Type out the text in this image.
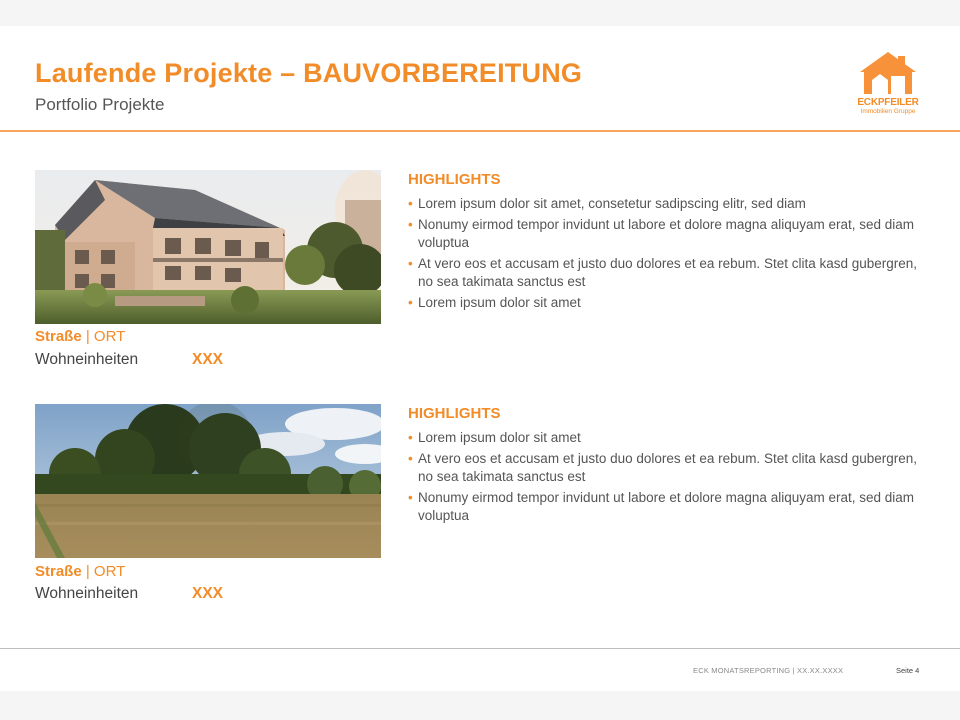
Laufende Projekte – BAUVORBEREITUNG
Portfolio Projekte	ECKPFEILER
Immobilien Gruppe
Straße | ORT
Wohneinheiten	XXX
HIGHLIGHTS
• Lorem ipsum dolor sit amet, consetetur sadipscing elitr, sed diam
• Nonumy eirmod tempor invidunt ut labore et dolore magna aliquyam erat, sed diam voluptua
• At vero eos et accusam et justo duo dolores et ea rebum. Stet clita kasd gubergren, no sea takimata sanctus est
• Lorem ipsum dolor sit amet
Straße | ORT
Wohneinheiten	XXX
HIGHLIGHTS
• Lorem ipsum dolor sit amet
• At vero eos et accusam et justo duo dolores et ea rebum. Stet clita kasd gubergren, no sea takimata sanctus est
• Nonumy eirmod tempor invidunt ut labore et dolore magna aliquyam erat, sed diam voluptua
ECK MONATSREPORTING | XX.XX.XXXX	Seite 4
